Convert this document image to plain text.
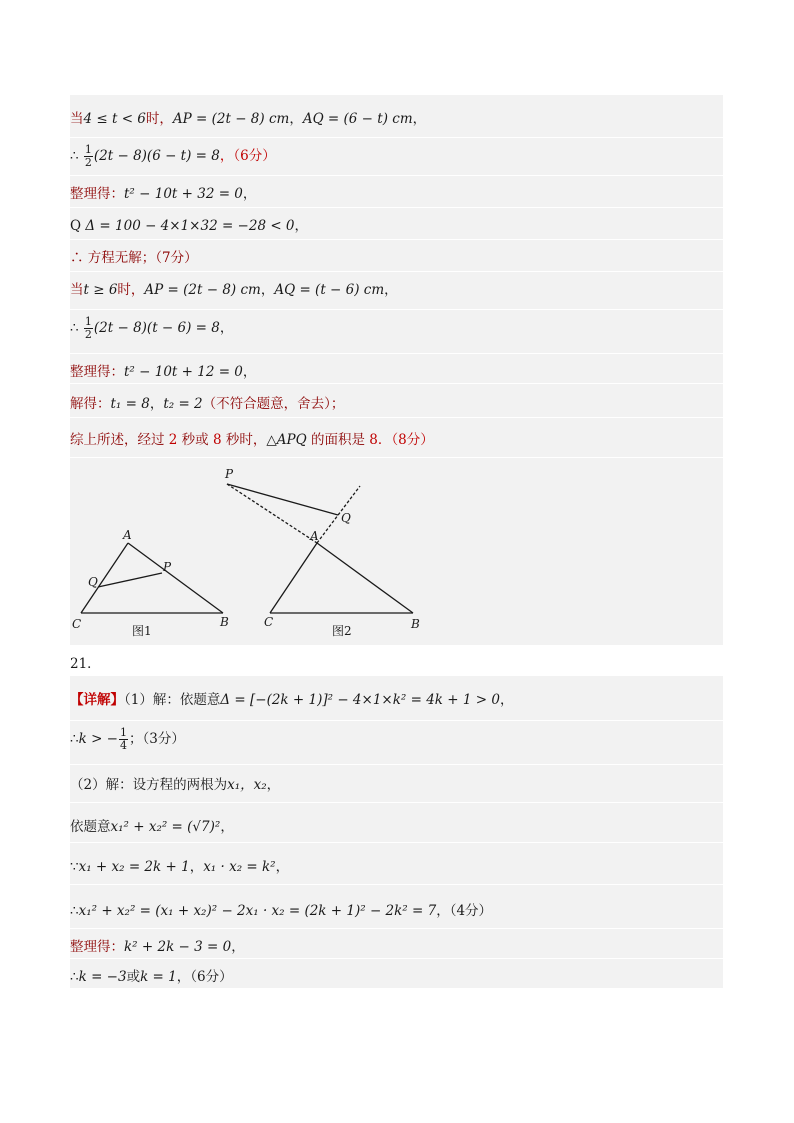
当4 ≤ t < 6时，AP = (2t − 8) cm，AQ = (6 − t) cm，
∴ $\frac{1}{2} (2t - 8)(6 - t) = 8$，（6分）
整理得：t² − 10t + 32 = 0，
Q Δ = 100 − 4×1×32 = −28 < 0，
∴ 方程无解；（7分）
当t ≥ 6时，AP = (2t − 8) cm，AQ = (t − 6) cm，
∴ $\frac{1}{2} (2t - 8)(t - 6) = 8$，
整理得：t² − 10t + 12 = 0，
解得：t₁ = 8，t₂ = 2（不符合题意，舍去）；
综上所述，经过 2 秒或 8 秒时，△APQ 的面积是 8．（8分）
A
P
Q
C	B
图1
P
Q
A
C	B
图2
21．
【详解】（1）解：依题意Δ = [−(2k + 1)]² − 4×1×k² = 4k + 1 > 0，
∴k > − $\frac{1}{4}$ ；（3分）
（2）解：设方程的两根为x₁，x₂，
依题意x₁² + x₂² = (√7)²，
∵x₁ + x₂ = 2k + 1，x₁ · x₂ = k²，
∴x₁² + x₂² = (x₁ + x₂)² − 2x₁ · x₂ = (2k + 1)² − 2k² = 7，（4分）
整理得：k² + 2k − 3 = 0，
∴k = −3或k = 1，（6分）
